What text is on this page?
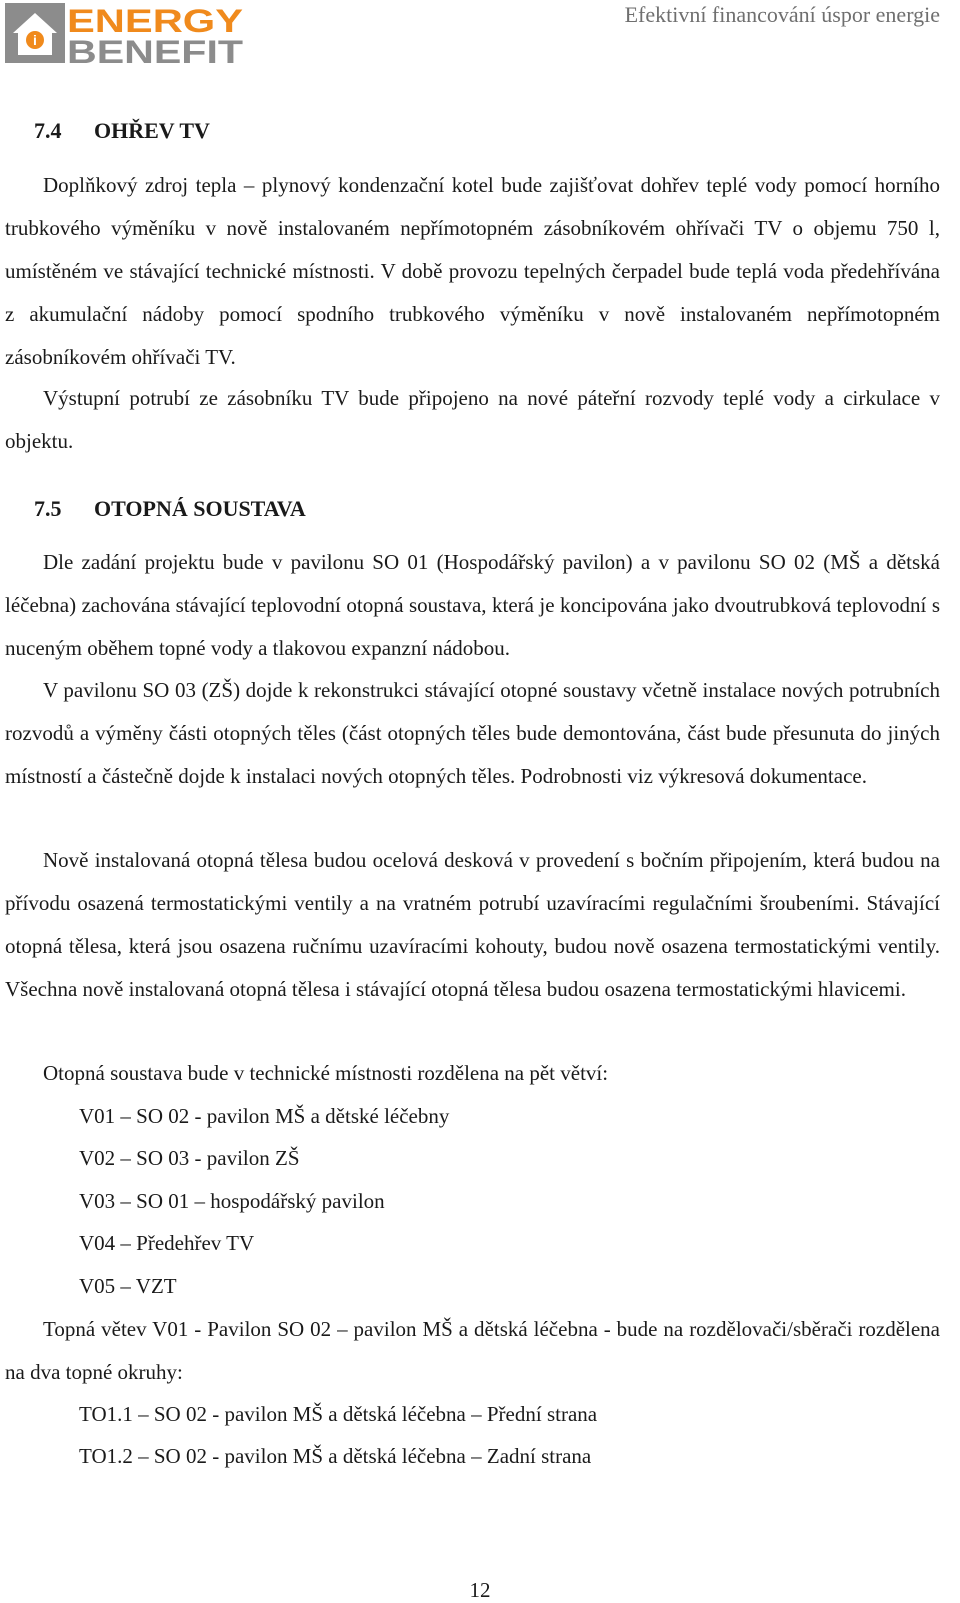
i
ENERGY
BENEFIT
Efektivní financování úspor energie
7.4 OHŘEV TV
Doplňkový zdroj tepla – plynový kondenzační kotel bude zajišťovat dohřev teplé vody pomocí horního trubkového výměníku v nově instalovaném nepřímotopném zásobníkovém ohřívači TV o objemu 750 l, umístěném ve stávající technické místnosti. V době provozu tepelných čerpadel bude teplá voda předehřívána z akumulační nádoby pomocí spodního trubkového výměníku v nově instalovaném nepřímotopném zásobníkovém ohřívači TV.
Výstupní potrubí ze zásobníku TV bude připojeno na nové páteřní rozvody teplé vody a cirkulace v objektu.
7.5 OTOPNÁ SOUSTAVA
Dle zadání projektu bude v pavilonu SO 01 (Hospodářský pavilon) a v pavilonu SO 02 (MŠ a dětská léčebna) zachována stávající teplovodní otopná soustava, která je koncipována jako dvoutrubková teplovodní s nuceným oběhem topné vody a tlakovou expanzní nádobou.
V pavilonu SO 03 (ZŠ) dojde k rekonstrukci stávající otopné soustavy včetně instalace nových potrubních rozvodů a výměny části otopných těles (část otopných těles bude demontována, část bude přesunuta do jiných místností a částečně dojde k instalaci nových otopných těles. Podrobnosti viz výkresová dokumentace.
Nově instalovaná otopná tělesa budou ocelová desková v provedení s bočním připojením, která budou na přívodu osazená termostatickými ventily a na vratném potrubí uzavíracími regulačními šroubeními. Stávající otopná tělesa, která jsou osazena ručnímu uzavíracími kohouty, budou nově osazena termostatickými ventily. Všechna nově instalovaná otopná tělesa i stávající otopná tělesa budou osazena termostatickými hlavicemi.
Otopná soustava bude v technické místnosti rozdělena na pět větví:
V01 – SO 02 - pavilon MŠ a dětské léčebny
V02 – SO 03 - pavilon ZŠ
V03 – SO 01 – hospodářský pavilon
V04 – Předehřev TV
V05 – VZT
Topná větev V01 - Pavilon SO 02 – pavilon MŠ a dětská léčebna - bude na rozdělovači/sběrači rozdělena na dva topné okruhy:
TO1.1 – SO 02 - pavilon MŠ a dětská léčebna – Přední strana
TO1.2 – SO 02 - pavilon MŠ a dětská léčebna – Zadní strana
12
